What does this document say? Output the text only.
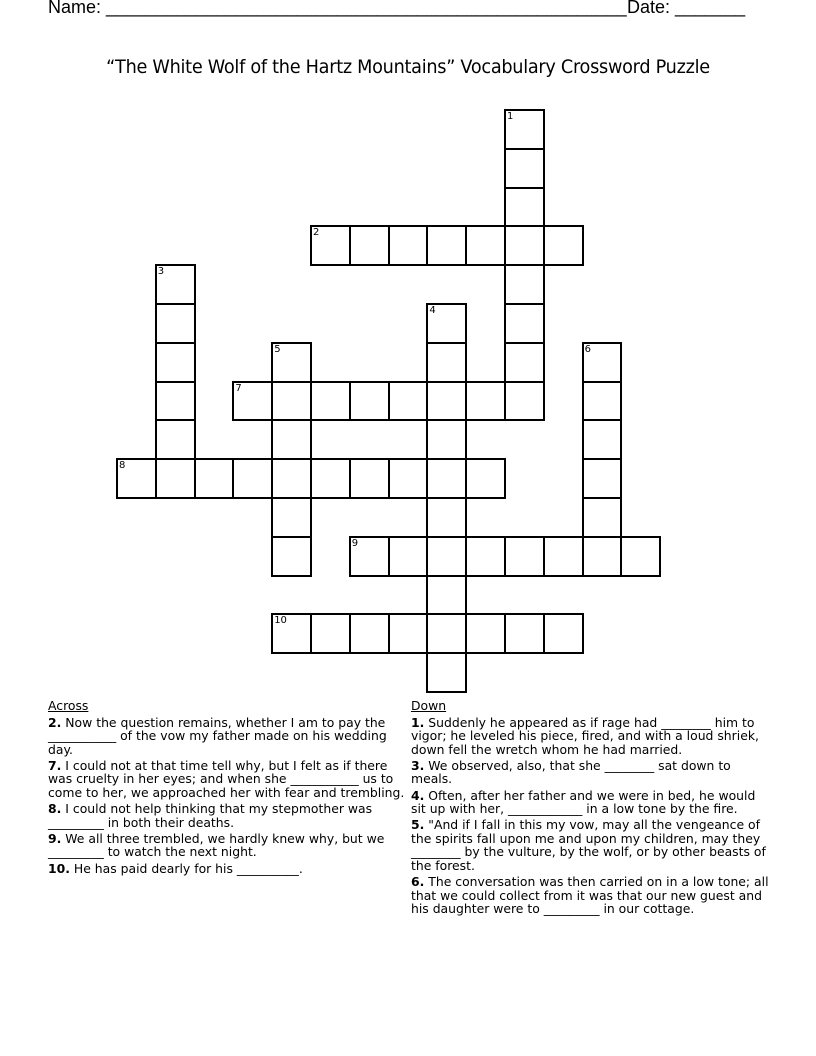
Name: ____________________________________________________ Date: _______
“The White Wolf of the Hartz Mountains” Vocabulary Crossword Puzzle
1
2
3
4
5	6
7
8
9
10
Across
2. Now the question remains, whether I am to pay the ___________ of the vow my father made on his wedding day.
7. I could not at that time tell why, but I felt as if there was cruelty in her eyes; and when she ___________ us to come to her, we approached her with fear and trembling.
8. I could not help thinking that my stepmother was _________ in both their deaths.
9. We all three trembled, we hardly knew why, but we _________ to watch the next night.
10. He has paid dearly for his __________.
Down
1. Suddenly he appeared as if rage had ________ him to vigor; he leveled his piece, fired, and with a loud shriek, down fell the wretch whom he had married.
3. We observed, also, that she ________ sat down to meals.
4. Often, after her father and we were in bed, he would sit up with her, ____________ in a low tone by the fire.
5. "And if I fall in this my vow, may all the vengeance of the spirits fall upon me and upon my children, may they ________ by the vulture, by the wolf, or by other beasts of the forest.
6. The conversation was then carried on in a low tone; all that we could collect from it was that our new guest and his daughter were to _________ in our cottage.
